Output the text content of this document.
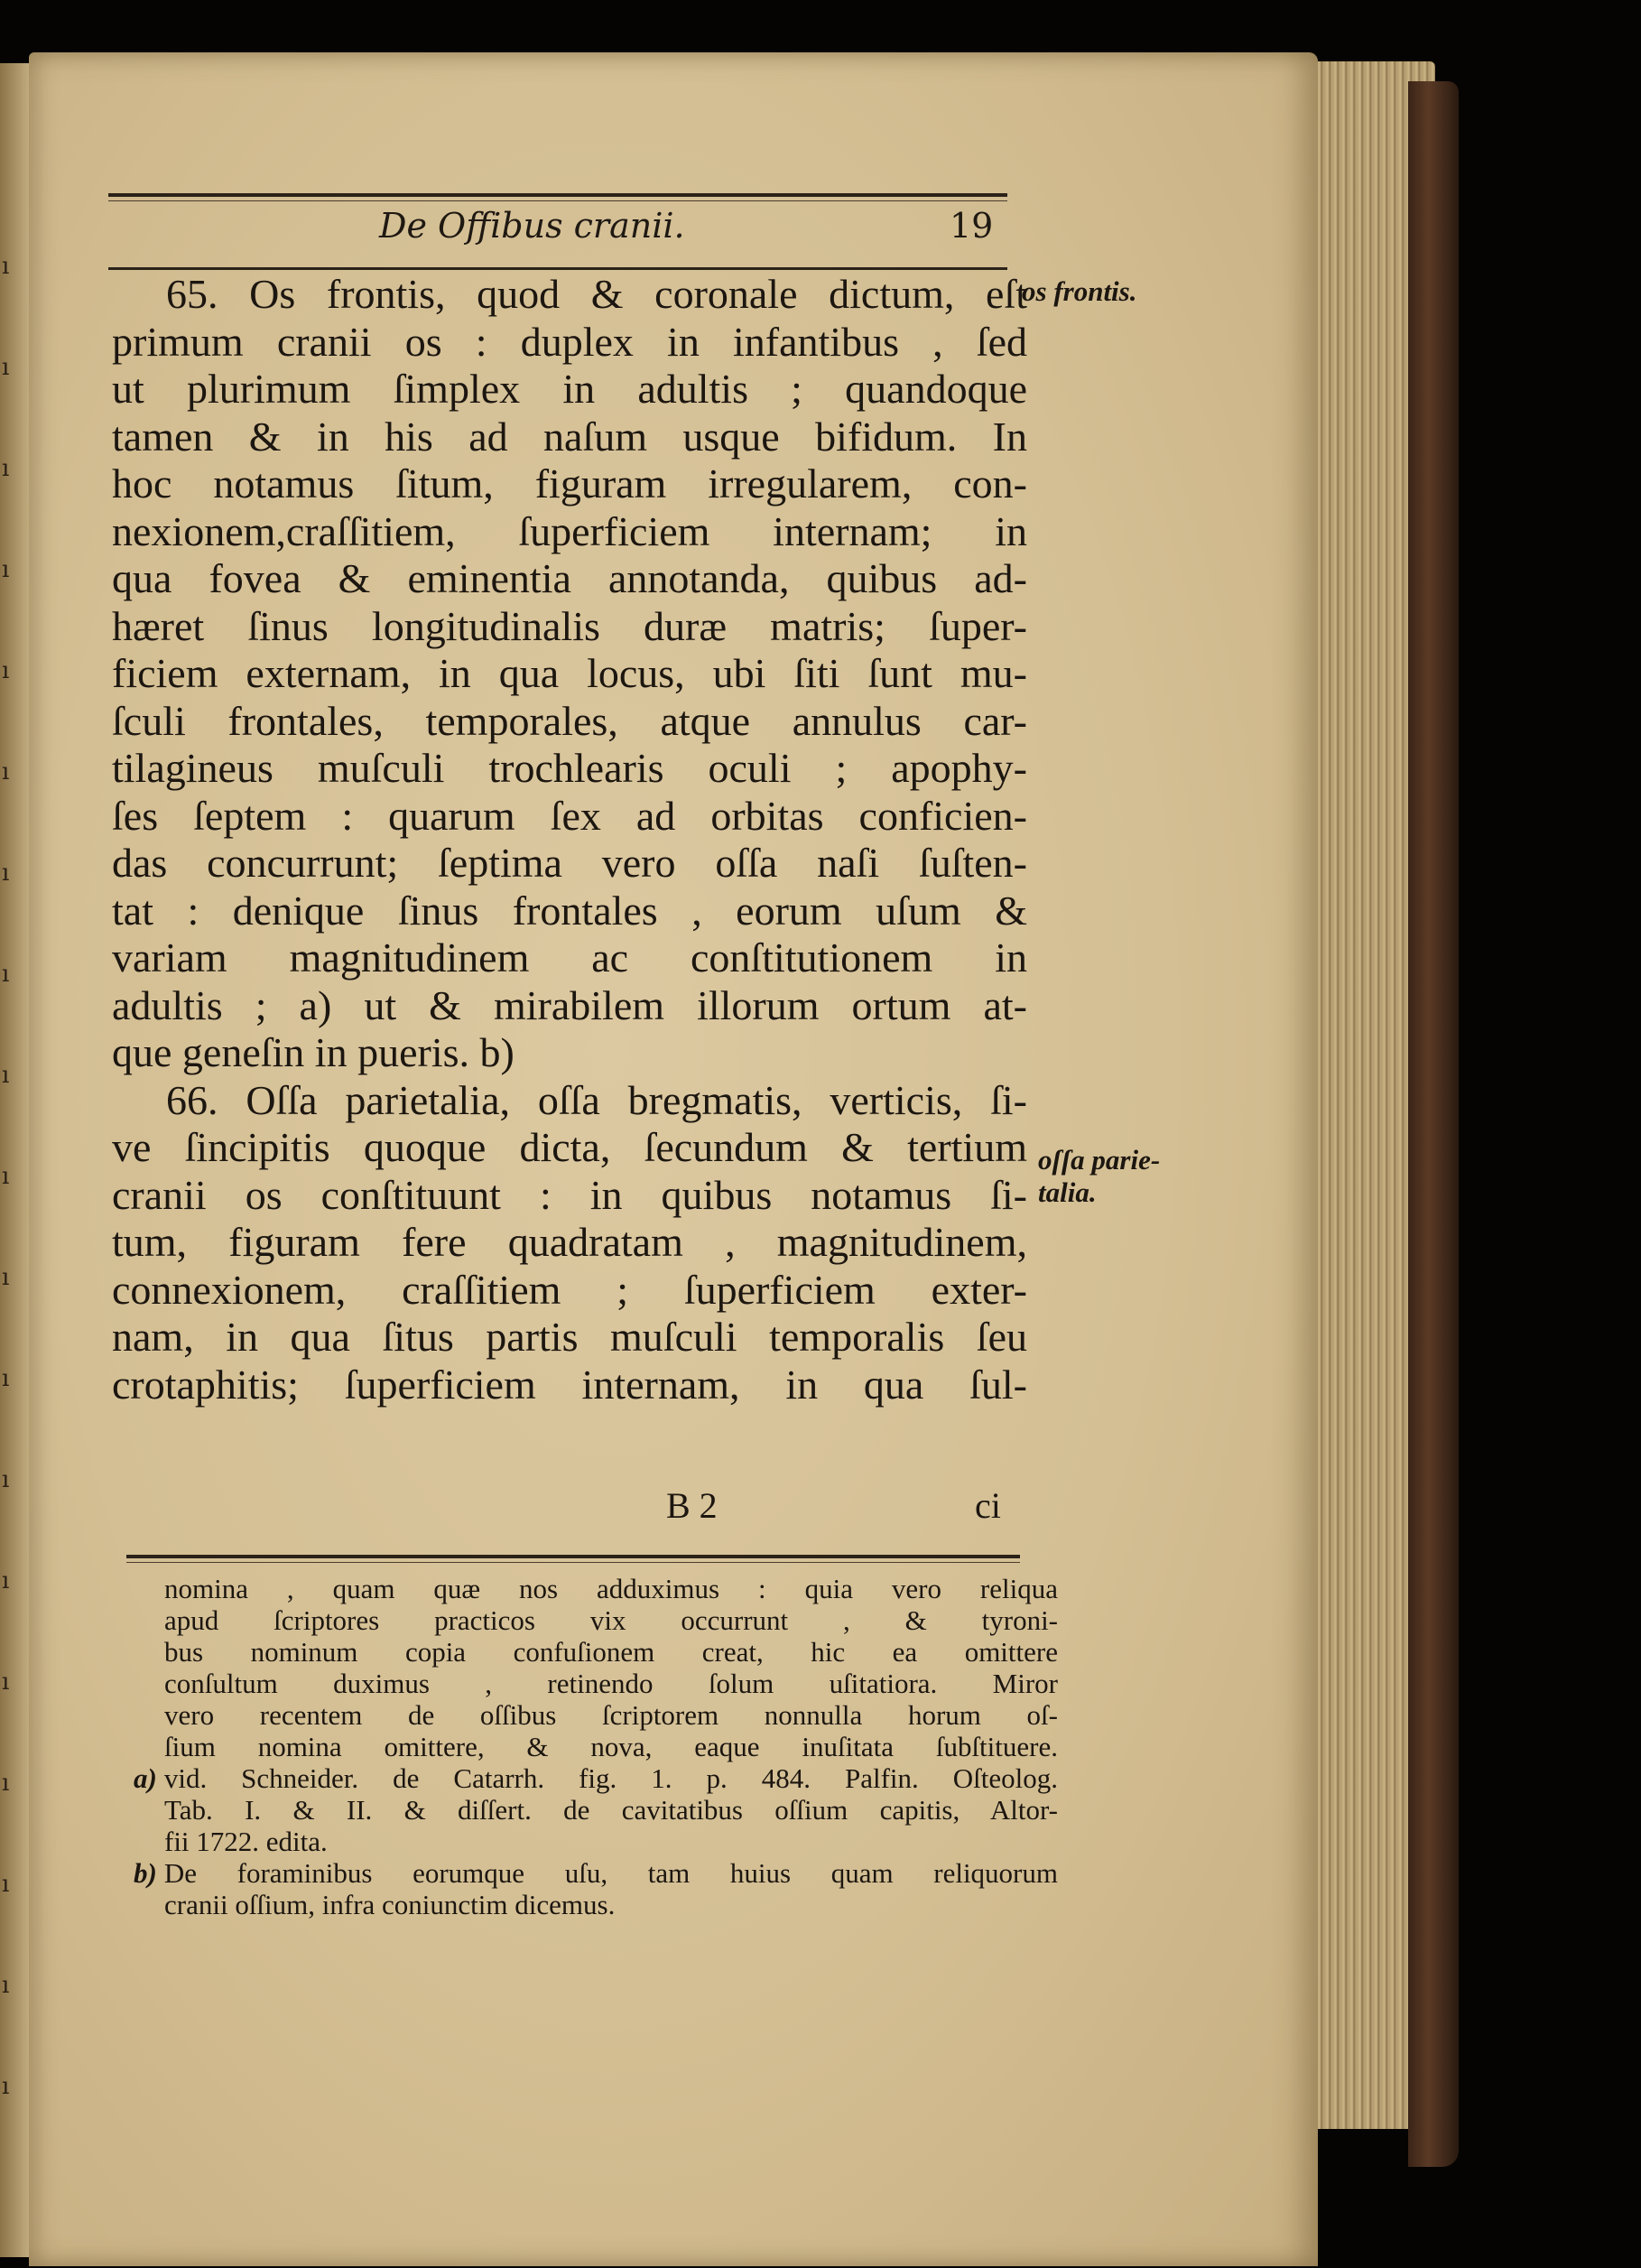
ı
ı
ı
ı
ı
ı
ı
ı
ı
ı
ı
ı
ı
ı
ı
ı
ı
ı
ı
De Offibus cranii.	19
os frontis.
oſſa parie-
talia.
65. Os frontis, quod & coronale dictum, eſt
primum cranii os : duplex in infantibus , ſed
ut plurimum ſimplex in adultis ; quandoque
tamen & in his ad naſum usque bifidum. In
hoc notamus ſitum, figuram irregularem, con-
nexionem,craſſitiem, ſuperficiem internam; in
qua fovea & eminentia annotanda, quibus ad-
hæret ſinus longitudinalis duræ matris; ſuper-
ficiem externam, in qua locus, ubi ſiti ſunt mu-
ſculi frontales, temporales, atque annulus car-
tilagineus muſculi trochlearis oculi ; apophy-
ſes ſeptem : quarum ſex ad orbitas conficien-
das concurrunt; ſeptima vero oſſa naſi ſuſten-
tat : denique ſinus frontales , eorum uſum &
variam magnitudinem ac conſtitutionem in
adultis ; a) ut & mirabilem illorum ortum at-
que geneſin in pueris. b)
66. Oſſa parietalia, oſſa bregmatis, verticis, ſi-
ve ſincipitis quoque dicta, ſecundum & tertium
cranii os conſtituunt : in quibus notamus ſi-
tum, figuram fere quadratam , magnitudinem,
connexionem, craſſitiem ; ſuperficiem exter-
nam, in qua ſitus partis muſculi temporalis ſeu
crotaphitis; ſuperficiem internam, in qua ſul-
B 2	ci
nomina , quam quæ nos adduximus : quia vero reliqua
apud ſcriptores practicos vix occurrunt , & tyroni-
bus nominum copia confuſionem creat, hic ea omittere
conſultum duximus , retinendo ſolum uſitatiora. Miror
vero recentem de oſſibus ſcriptorem nonnulla horum oſ-
ſium nomina omittere, & nova, eaque inuſitata ſubſtituere.
a) vid. Schneider. de Catarrh. fig. 1. p. 484. Palfin. Oſteolog.
Tab. I. & II. & diſſert. de cavitatibus oſſium capitis, Altor-
fii 1722. edita.
b) De foraminibus eorumque uſu, tam huius quam reliquorum
cranii oſſium, infra coniunctim dicemus.
